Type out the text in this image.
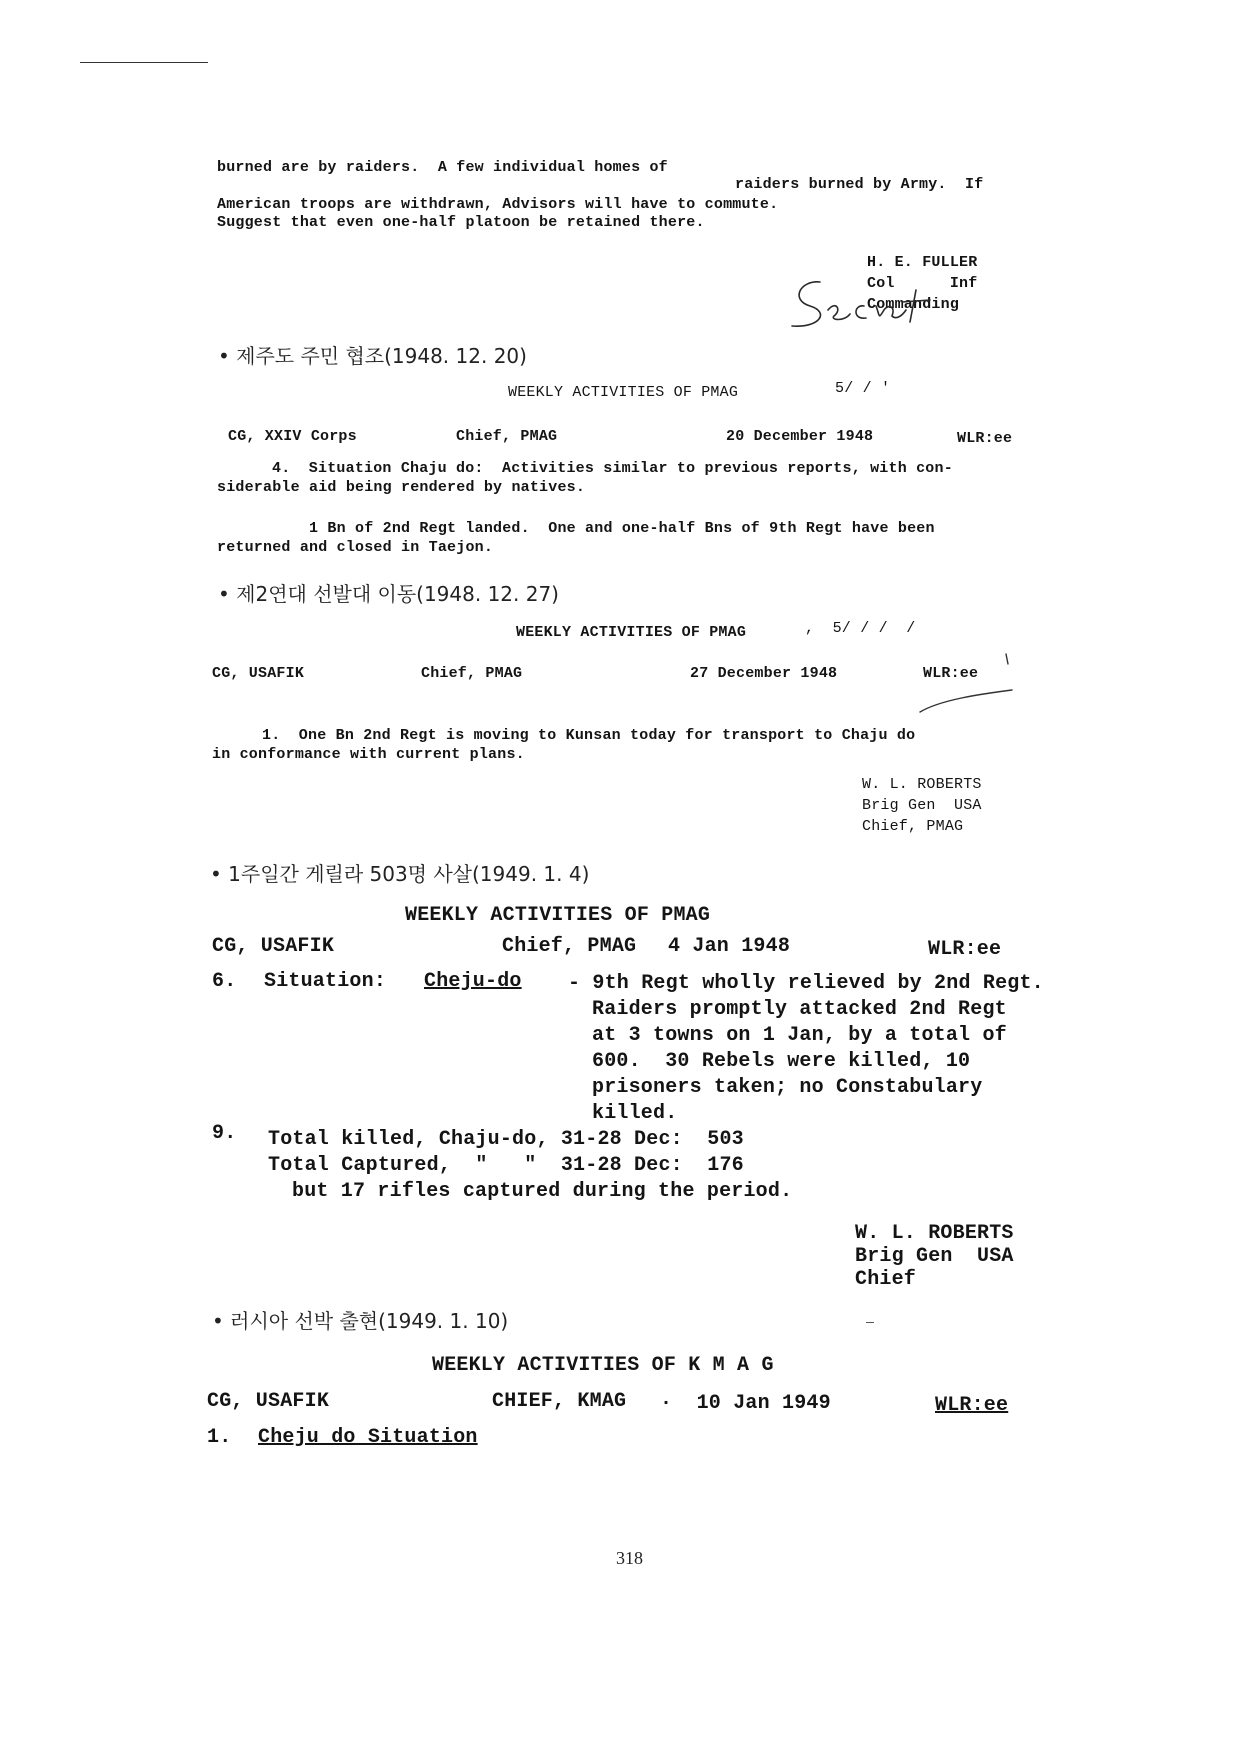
burned are by raiders.  A few individual homes of
raiders burned by Army.  If
American troops are withdrawn, Advisors will have to commute.
Suggest that even one-half platoon be retained there.
H. E. FULLER
Col      Inf
Commanding
• 제주도 주민 협조(1948. 12. 20)
WEEKLY ACTIVITIES OF PMAG	5/ / '
CG, XXIV Corps	Chief, PMAG	20 December 1948	WLR:ee
4.  Situation Chaju do:  Activities similar to previous reports, with con-
siderable aid being rendered by natives.
1 Bn of 2nd Regt landed.  One and one-half Bns of 9th Regt have been
returned and closed in Taejon.
• 제2연대 선발대 이동(1948. 12. 27)
WEEKLY ACTIVITIES OF PMAG	,  5/ / /  /
CG, USAFIK	Chief, PMAG	27 December 1948	WLR:ee
1.  One Bn 2nd Regt is moving to Kunsan today for transport to Chaju do
in conformance with current plans.
W. L. ROBERTS
Brig Gen  USA
Chief, PMAG
• 1주일간 게릴라 503명 사살(1949. 1. 4)
WEEKLY ACTIVITIES OF PMAG
CG, USAFIK	Chief, PMAG 4 Jan 1948	WLR:ee
6. Situation: Cheju-do - 9th Regt wholly relieved by 2nd Regt.
Raiders promptly attacked 2nd Regt
at 3 towns on 1 Jan, by a total of
600.  30 Rebels were killed, 10
prisoners taken; no Constabulary
killed.
9. Total killed, Chaju-do, 31-28 Dec:  503
Total Captured,  "   "  31-28 Dec:  176
but 17 rifles captured during the period.
W. L. ROBERTS
Brig Gen  USA
Chief
• 러시아 선박 출현(1949. 1. 10)
WEEKLY ACTIVITIES OF K M A G
CG, USAFIK	CHIEF, KMAG ·  10 Jan 1949	WLR:ee
1. Cheju do Situation
318
